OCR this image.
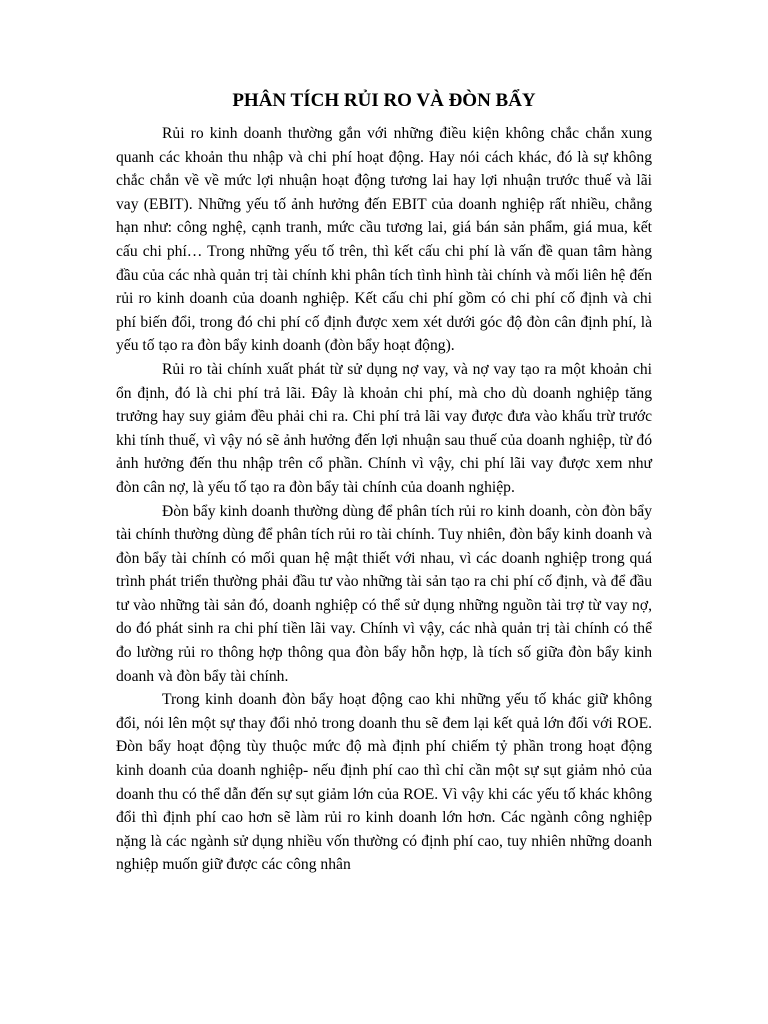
PHÂN TÍCH RỦI RO VÀ ĐÒN BẨY

Rủi ro kinh doanh thường gắn với những điều kiện không chắc chắn xung quanh các khoản thu nhập và chi phí hoạt động. Hay nói cách khác, đó là sự không chắc chắn về về mức lợi nhuận hoạt động tương lai hay lợi nhuận trước thuế và lãi vay (EBIT). Những yếu tố ảnh hưởng đến EBIT của doanh nghiệp rất nhiều, chẳng hạn như: công nghệ, cạnh tranh, mức cầu tương lai, giá bán sản phẩm, giá mua, kết cấu chi phí… Trong những yếu tố trên, thì kết cấu chi phí là vấn đề quan tâm hàng đầu của các nhà quản trị tài chính khi phân tích tình hình tài chính và mối liên hệ đến rủi ro kinh doanh của doanh nghiệp. Kết cấu chi phí gồm có chi phí cố định và chi phí biến đổi, trong đó chi phí cố định được xem xét dưới góc độ đòn cân định phí, là yếu tố tạo ra đòn bẩy kinh doanh (đòn bẩy hoạt động).

Rủi ro tài chính xuất phát từ sử dụng nợ vay, và nợ vay tạo ra một khoản chi ổn định, đó là chi phí trả lãi. Đây là khoản chi phí, mà cho dù doanh nghiệp tăng trưởng hay suy giảm đều phải chi ra. Chi phí trả lãi vay được đưa vào khấu trừ trước khi tính thuế, vì vậy nó sẽ ảnh hưởng đến lợi nhuận sau thuế của doanh nghiệp, từ đó ảnh hưởng đến thu nhập trên cổ phần. Chính vì vậy, chi phí lãi vay được xem như đòn cân nợ, là yếu tố tạo ra đòn bẩy tài chính của doanh nghiệp.

Đòn bẩy kinh doanh thường dùng để phân tích rủi ro kinh doanh, còn đòn bẩy tài chính thường dùng để phân tích rủi ro tài chính. Tuy nhiên, đòn bẩy kinh doanh và đòn bẩy tài chính có mối quan hệ mật thiết với nhau, vì các doanh nghiệp trong quá trình phát triển thường phải đầu tư vào những tài sản tạo ra chi phí cố định, và để đầu tư vào những tài sản đó, doanh nghiệp có thể sử dụng những nguồn tài trợ từ vay nợ, do đó phát sinh ra chi phí tiền lãi vay. Chính vì vậy, các nhà quản trị tài chính có thể đo lường rủi ro thông hợp thông qua đòn bẩy hỗn hợp, là tích số giữa đòn bẩy kinh doanh và đòn bẩy tài chính.

Trong kinh doanh đòn bẩy hoạt động cao khi những yếu tố khác giữ không đổi, nói lên một sự thay đổi nhỏ trong doanh thu sẽ đem lại kết quả lớn đối với ROE. Đòn bẩy hoạt động tùy thuộc mức độ mà định phí chiếm tỷ phần trong hoạt động kinh doanh của doanh nghiệp- nếu định phí cao thì chỉ cần một sự sụt giảm nhỏ của doanh thu có thể dẫn đến sự sụt giảm lớn của ROE. Vì vậy khi các yếu tố khác không đổi thì định phí cao hơn sẽ làm rủi ro kinh doanh lớn hơn. Các ngành công nghiệp nặng là các ngành sử dụng nhiều vốn thường có định phí cao, tuy nhiên những doanh nghiệp muốn giữ được các công nhân
